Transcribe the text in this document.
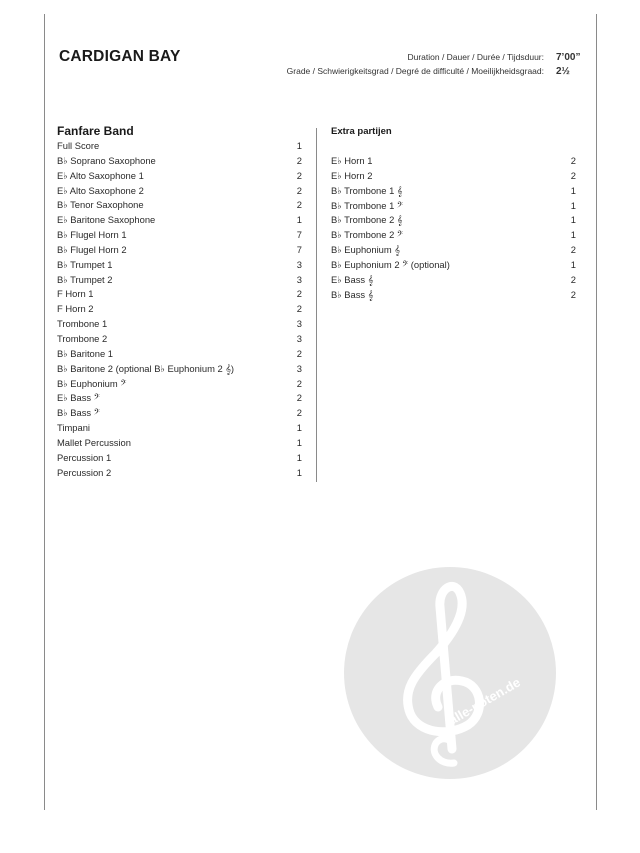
CARDIGAN BAY	Duration / Dauer / Durée / Tijdsduur: 7’00”
Grade / Schwierigkeitsgrad / Degré de difficulté / Moeilijkheidsgraad: 2½
Fanfare Band
Full Score	1
B♭ Soprano Saxophone	2
E♭ Alto Saxophone 1	2
E♭ Alto Saxophone 2	2
B♭ Tenor Saxophone	2
E♭ Baritone Saxophone	1
B♭ Flugel Horn 1	7
B♭ Flugel Horn 2	7
B♭ Trumpet 1	3
B♭ Trumpet 2	3
F Horn 1	2
F Horn 2	2
Trombone 1	3
Trombone 2	3
B♭ Baritone 1	2
B♭ Baritone 2 (optional B♭ Euphonium 2 𝄞)	3
B♭ Euphonium 𝄢	2
E♭ Bass 𝄢	2
B♭ Bass 𝄢	2
Timpani	1
Mallet Percussion	1
Percussion 1	1
Percussion 2	1
Extra partijen
E♭ Horn 1	2
E♭ Horn 2	2
B♭ Trombone 1 𝄞	1
B♭ Trombone 1 𝄢	1
B♭ Trombone 2 𝄞	1
B♭ Trombone 2 𝄢	1
B♭ Euphonium 𝄞	2
B♭ Euphonium 2 𝄢 (optional)	1
E♭ Bass 𝄞	2
B♭ Bass 𝄞	2
alle-noten.de
